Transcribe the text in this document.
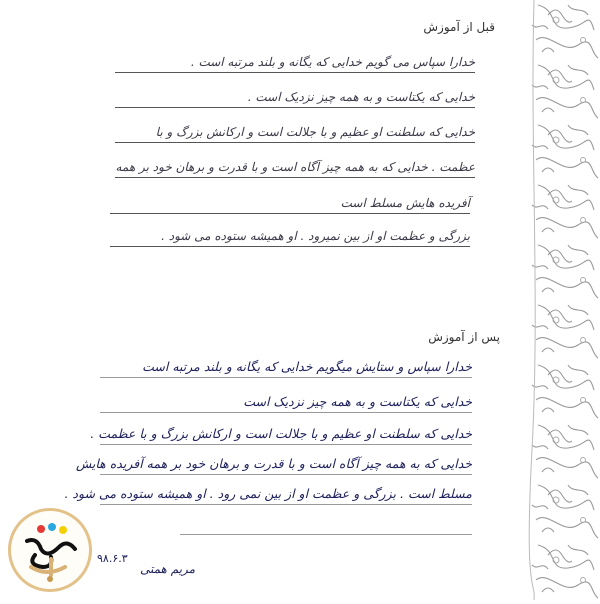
قبل از آموزش
خدارا سپاس می گویم خدایی که یگانه و بلند مرتبه است .
خدایی که یکتاست و به همه چیز نزدیک است .
خدایی که سلطنت او عظیم و با جلالت است و ارکانش بزرگ و با
عظمت . خدایی که به همه چیز آگاه است و با قدرت و برهان خود بر همه
آفریده هایش مسلط است
بزرگی و عظمت او از بین نمیرود . او همیشه ستوده می شود .
پس از آموزش
خدارا سپاس و ستایش میگویم خدایی که یگانه و بلند مرتبه است
خدایی که یکتاست و به همه چیز نزدیک است
خدایی که سلطنت او عظیم و با جلالت است و ارکانش بزرگ و با عظمت .
خدایی که به همه چیز آگاه است و با قدرت و برهان خود بر همه آفریده هایش
مسلط است . بزرگی و عظمت او از بین نمی رود . او همیشه ستوده می شود .
مریم همتی
۹۸.۶.۳
